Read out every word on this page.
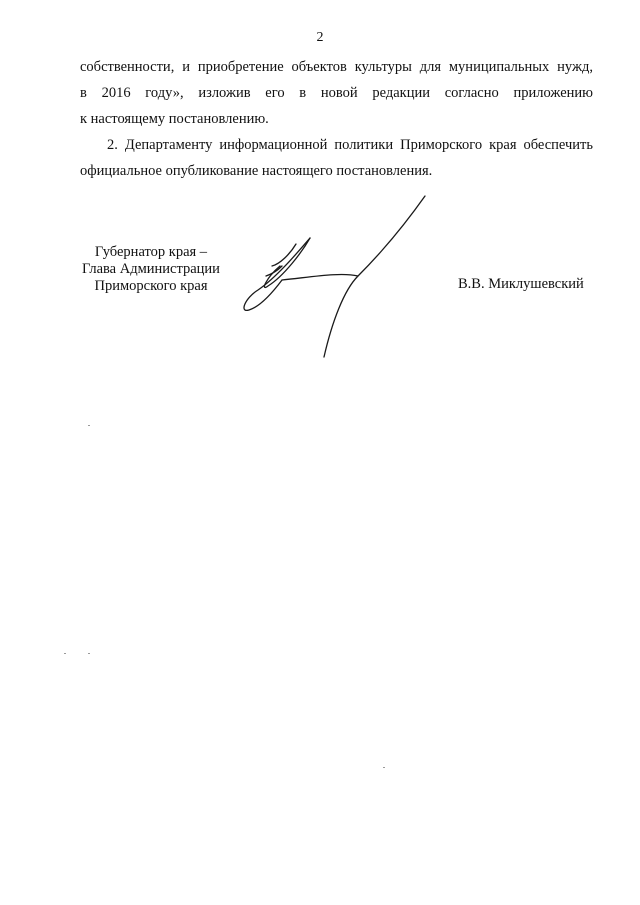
2
собственности, и приобретение объектов культуры для муниципальных нужд,
в 2016 году», изложив его в новой редакции согласно приложению
к настоящему постановлению.
2. Департаменту информационной политики Приморского края обеспечить
официальное опубликование настоящего постановления.
Губернатор края –
Глава Администрации
Приморского края	В.В. Миклушевский
